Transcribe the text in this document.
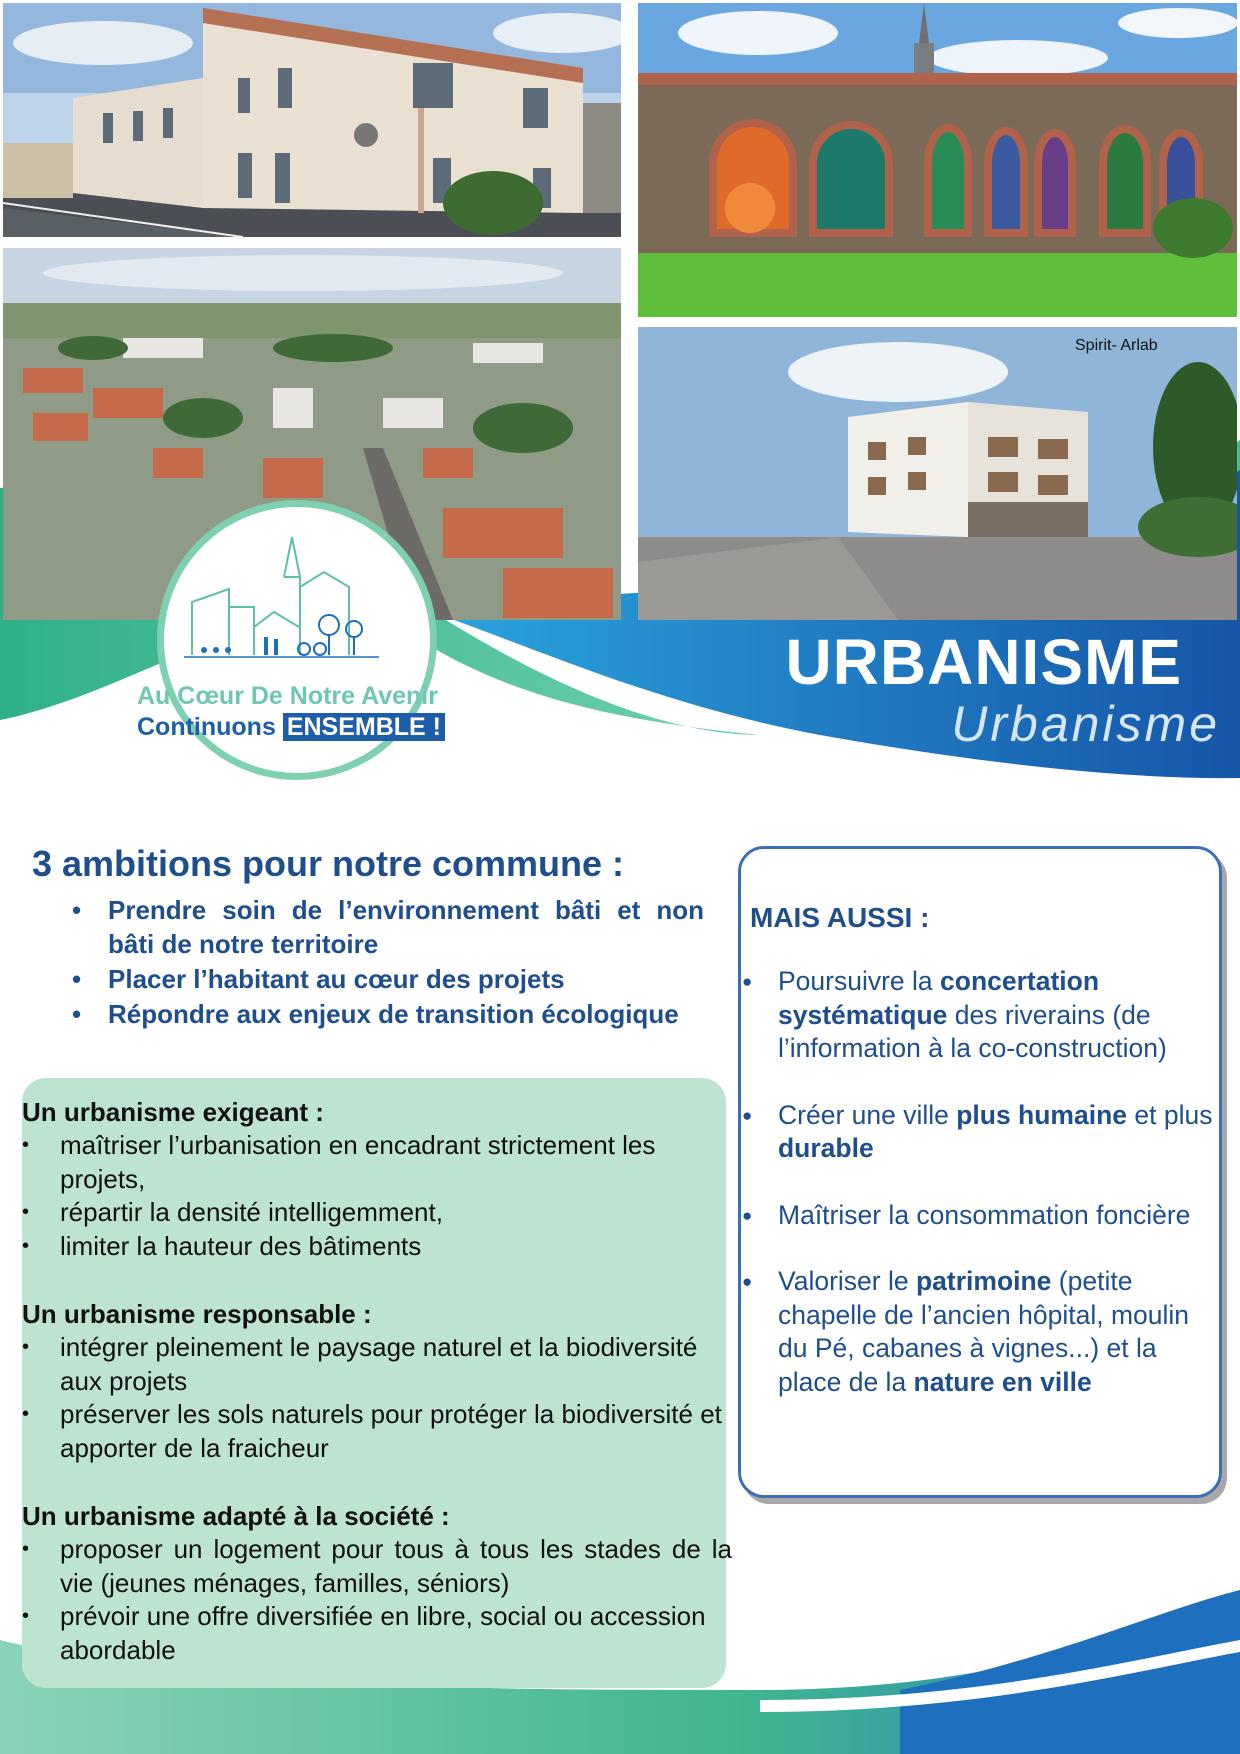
Spirit- Arlab
Au Cœur De Notre Avenir
Continuons ENSEMBLE !
URBANISME
Urbanisme
3 ambitions pour notre commune :
• Prendre soin de l’environnement bâti et non bâti de notre territoire
• Placer l’habitant au cœur des projets
• Répondre aux enjeux de transition écologique
Un urbanisme exigeant :
• maîtriser l’urbanisation en encadrant strictement les projets,
• répartir la densité intelligemment,
• limiter la hauteur des bâtiments
Un urbanisme responsable :
• intégrer pleinement le paysage naturel et la biodiversité aux projets
• préserver les sols naturels pour protéger la biodiversité et apporter de la fraicheur
Un urbanisme adapté à la société :
• proposer un logement pour tous à tous les stades de la vie (jeunes ménages, familles, séniors)
• prévoir une offre diversifiée en libre, social ou accession abordable
MAIS AUSSI :
● Poursuivre la concertation systématique des riverains (de l’information à la co-construction)
● Créer une ville plus humaine et plus durable
● Maîtriser la consommation foncière
● Valoriser le patrimoine (petite chapelle de l’ancien hôpital, moulin du Pé, cabanes à vignes...) et la place de la nature en ville
